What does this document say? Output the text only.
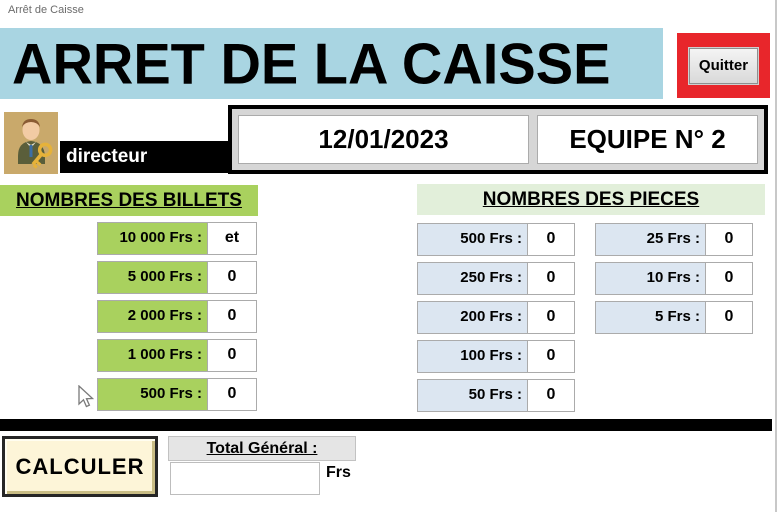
Arrêt de Caisse
ARRET DE LA CAISSE	Quitter
directeur
12/01/2023	EQUIPE N° 2
NOMBRES DES BILLETS
10 000 Frs :	et
5 000 Frs :	0
2 000 Frs :	0
1 000 Frs :	0
500 Frs :	0
NOMBRES DES PIECES
500 Frs :	0
250 Frs :	0
200 Frs :	0
100 Frs :	0
50 Frs :	0
25 Frs :	0
10 Frs :	0
5 Frs :	0
CALCULER
Total Général :
Frs
